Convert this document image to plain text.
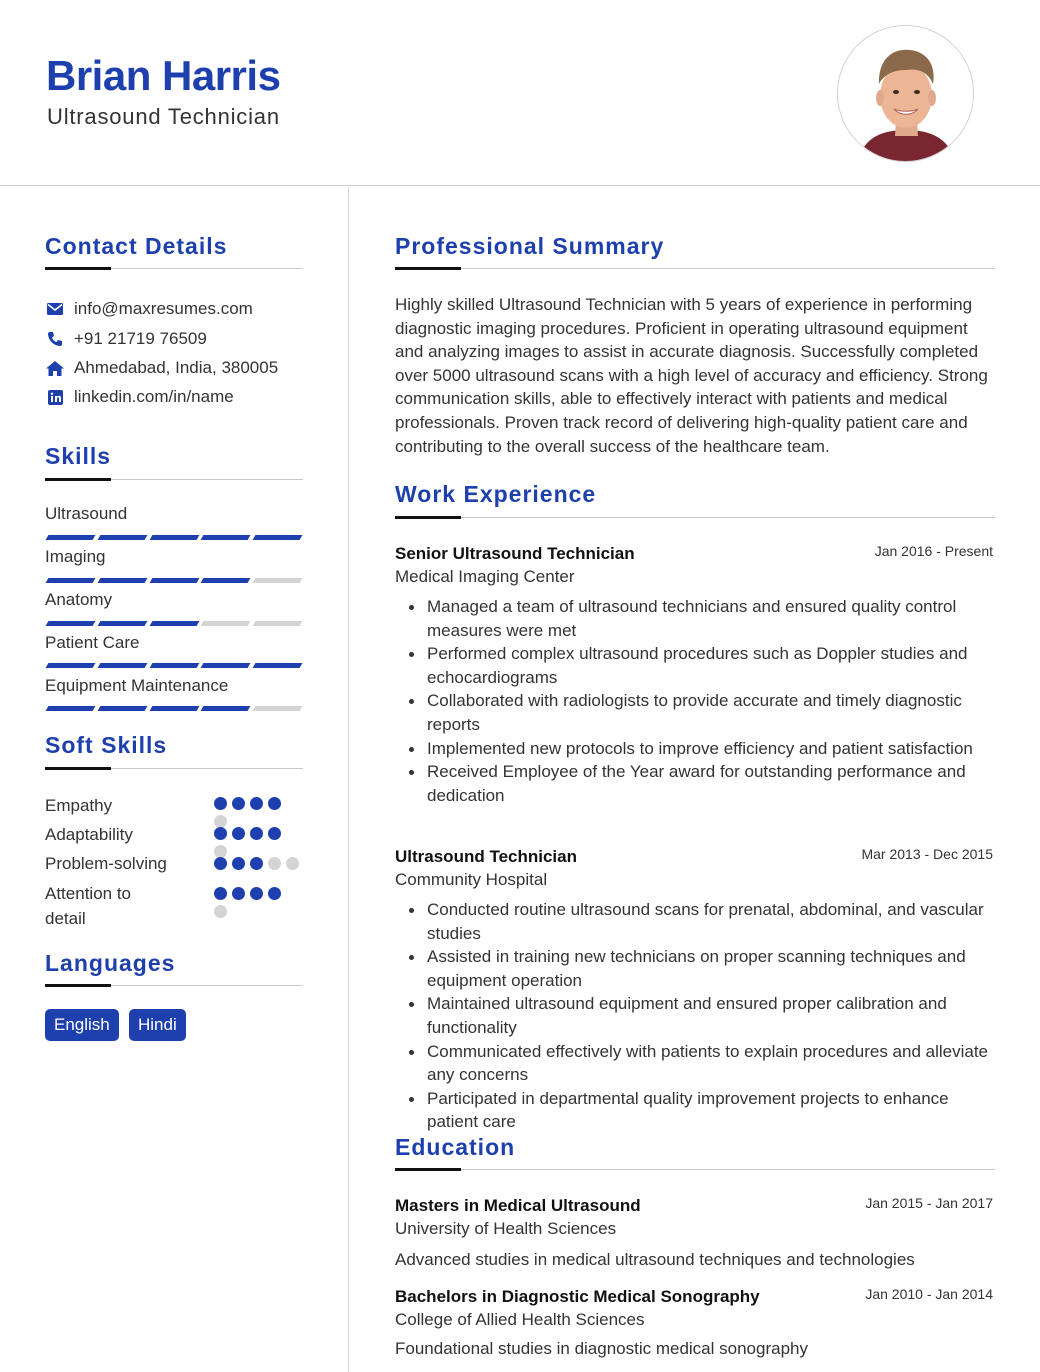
Brian Harris
Ultrasound Technician
Contact Details
info@maxresumes.com
+91 21719 76509
Ahmedabad, India, 380005
linkedin.com/in/name
Skills
Ultrasound
Imaging
Anatomy
Patient Care
Equipment Maintenance
Soft Skills
Empathy
Adaptability
Problem-solving
Attention to detail
Languages
English	Hindi
Professional Summary
Highly skilled Ultrasound Technician with 5 years of experience in performing diagnostic imaging procedures. Proficient in operating ultrasound equipment and analyzing images to assist in accurate diagnosis. Successfully completed over 5000 ultrasound scans with a high level of accuracy and efficiency. Strong communication skills, able to effectively interact with patients and medical professionals. Proven track record of delivering high-quality patient care and contributing to the overall success of the healthcare team.
Work Experience
Senior Ultrasound Technician	Jan 2016 - Present
Medical Imaging Center
Managed a team of ultrasound technicians and ensured quality control measures were met
Performed complex ultrasound procedures such as Doppler studies and echocardiograms
Collaborated with radiologists to provide accurate and timely diagnostic reports
Implemented new protocols to improve efficiency and patient satisfaction
Received Employee of the Year award for outstanding performance and dedication
Ultrasound Technician	Mar 2013 - Dec 2015
Community Hospital
Conducted routine ultrasound scans for prenatal, abdominal, and vascular studies
Assisted in training new technicians on proper scanning techniques and equipment operation
Maintained ultrasound equipment and ensured proper calibration and functionality
Communicated effectively with patients to explain procedures and alleviate any concerns
Participated in departmental quality improvement projects to enhance patient care
Education
Masters in Medical Ultrasound	Jan 2015 - Jan 2017
University of Health Sciences
Advanced studies in medical ultrasound techniques and technologies
Bachelors in Diagnostic Medical Sonography	Jan 2010 - Jan 2014
College of Allied Health Sciences
Foundational studies in diagnostic medical sonography
